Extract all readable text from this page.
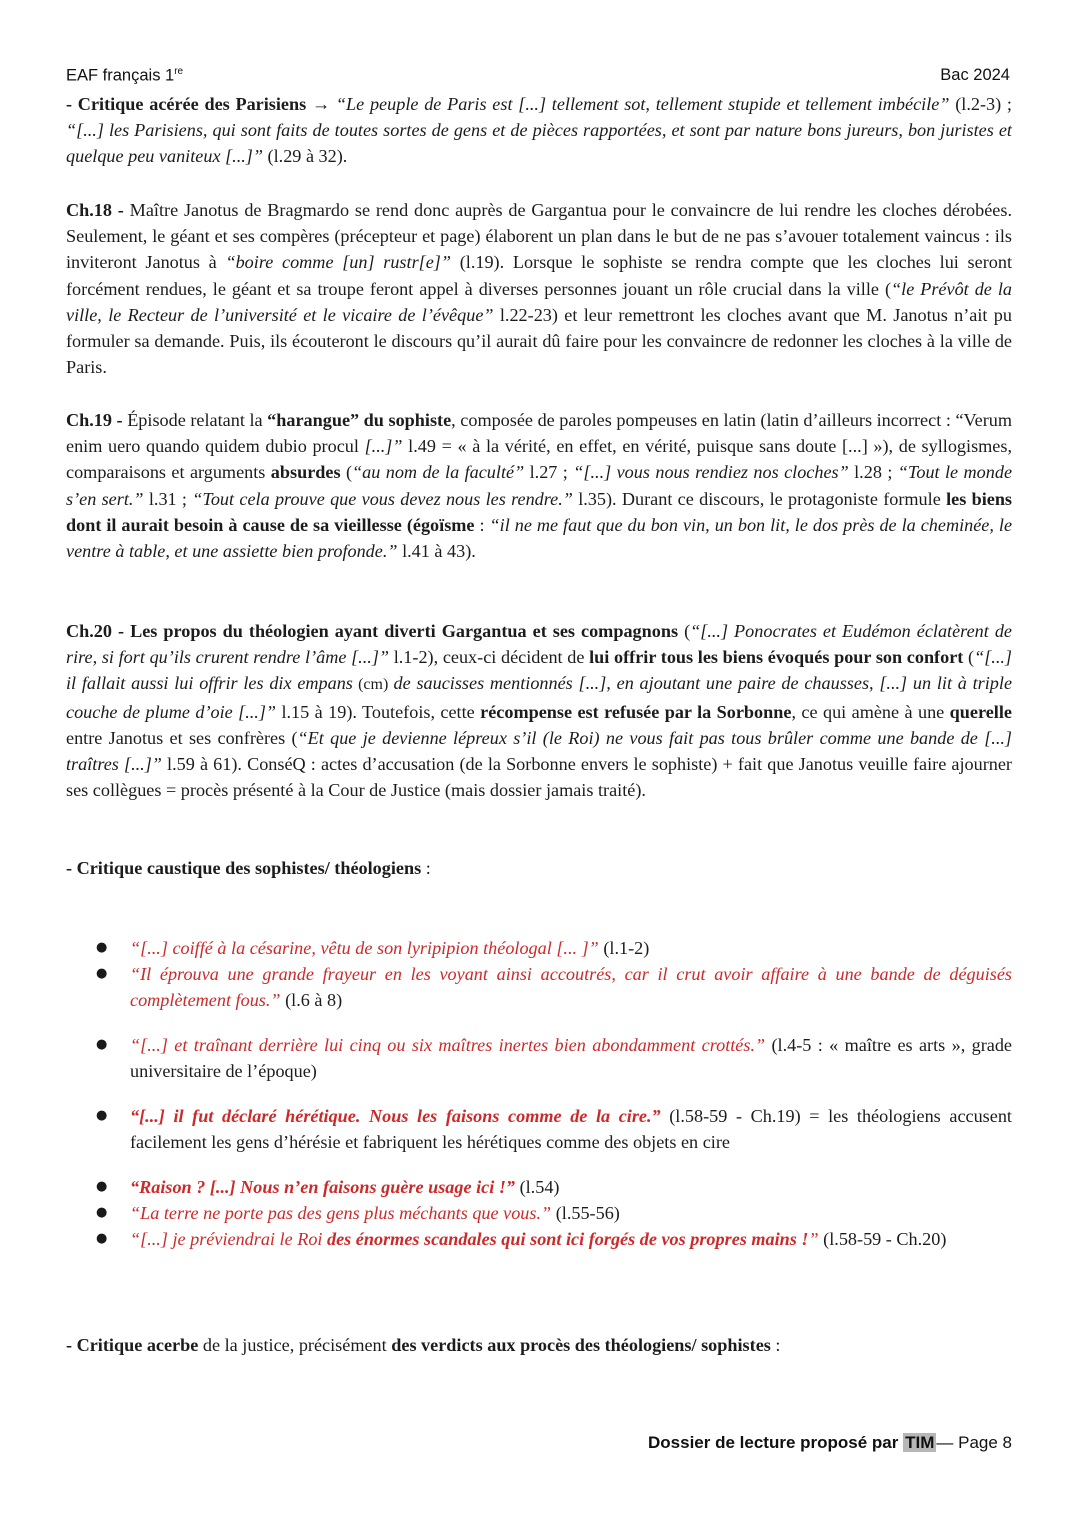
EAF français 1re	Bac 2024

- Critique acérée des Parisiens → “Le peuple de Paris est [...] tellement sot, tellement stupide et tellement imbécile” (l.2-3) ; “[...] les Parisiens, qui sont faits de toutes sortes de gens et de pièces rapportées, et sont par nature bons jureurs, bon juristes et quelque peu vaniteux [...]” (l.29 à 32).

Ch.18 - Maître Janotus de Bragmardo se rend donc auprès de Gargantua pour le convaincre de lui rendre les cloches dérobées. Seulement, le géant et ses compères (précepteur et page) élaborent un plan dans le but de ne pas s’avouer totalement vaincus : ils inviteront Janotus à “boire comme [un] rustr[e]” (l.19). Lorsque le sophiste se rendra compte que les cloches lui seront forcément rendues, le géant et sa troupe feront appel à diverses personnes jouant un rôle crucial dans la ville (“le Prévôt de la ville, le Recteur de l’université et le vicaire de l’évêque” l.22-23) et leur remettront les cloches avant que M. Janotus n’ait pu formuler sa demande. Puis, ils écouteront le discours qu’il aurait dû faire pour les convaincre de redonner les cloches à la ville de Paris.

Ch.19 - Épisode relatant la “harangue” du sophiste, composée de paroles pompeuses en latin (latin d’ailleurs incorrect : “Verum enim uero quando quidem dubio procul [...]” l.49 = « à la vérité, en effet, en vérité, puisque sans doute [...] »), de syllogismes, comparaisons et arguments absurdes (“au nom de la faculté” l.27 ; “[...] vous nous rendiez nos cloches” l.28 ; “Tout le monde s’en sert.” l.31 ; “Tout cela prouve que vous devez nous les rendre.” l.35). Durant ce discours, le protagoniste formule les biens dont il aurait besoin à cause de sa vieillesse (égoïsme : “il ne me faut que du bon vin, un bon lit, le dos près de la cheminée, le ventre à table, et une assiette bien profonde.” l.41 à 43).

Ch.20 - Les propos du théologien ayant diverti Gargantua et ses compagnons (“[...] Ponocrates et Eudémon éclatèrent de rire, si fort qu’ils crurent rendre l’âme [...]” l.1-2), ceux-ci décident de lui offrir tous les biens évoqués pour son confort (“[...] il fallait aussi lui offrir les dix empans (cm) de saucisses mentionnés [...], en ajoutant une paire de chausses, [...] un lit à triple couche de plume d’oie [...]” l.15 à 19). Toutefois, cette récompense est refusée par la Sorbonne, ce qui amène à une querelle entre Janotus et ses confrères (“Et que je devienne lépreux s’il (le Roi) ne vous fait pas tous brûler comme une bande de [...] traîtres [...]” l.59 à 61). ConséQ : actes d’accusation (de la Sorbonne envers le sophiste) + fait que Janotus veuille faire ajourner ses collègues = procès présenté à la Cour de Justice (mais dossier jamais traité).

- Critique caustique des sophistes/ théologiens :

● “[...] coiffé à la césarine, vêtu de son lyripipion théologal [... ]” (l.1-2)
● “Il éprouva une grande frayeur en les voyant ainsi accoutrés, car il crut avoir affaire à une bande de déguisés complètement fous.” (l.6 à 8)
● “[...] et traînant derrière lui cinq ou six maîtres inertes bien abondamment crottés.” (l.4-5 : « maître es arts », grade universitaire de l’époque)
● “[...] il fut déclaré hérétique. Nous les faisons comme de la cire.” (l.58-59 - Ch.19) = les théologiens accusent facilement les gens d’hérésie et fabriquent les hérétiques comme des objets en cire
● “Raison ? [...] Nous n’en faisons guère usage ici !” (l.54)
● “La terre ne porte pas des gens plus méchants que vous.” (l.55-56)
● “[...] je préviendrai le Roi des énormes scandales qui sont ici forgés de vos propres mains !” (l.58-59 - Ch.20)

- Critique acerbe de la justice, précisément des verdicts aux procès des théologiens/ sophistes :

Dossier de lecture proposé par TIM — Page 8
